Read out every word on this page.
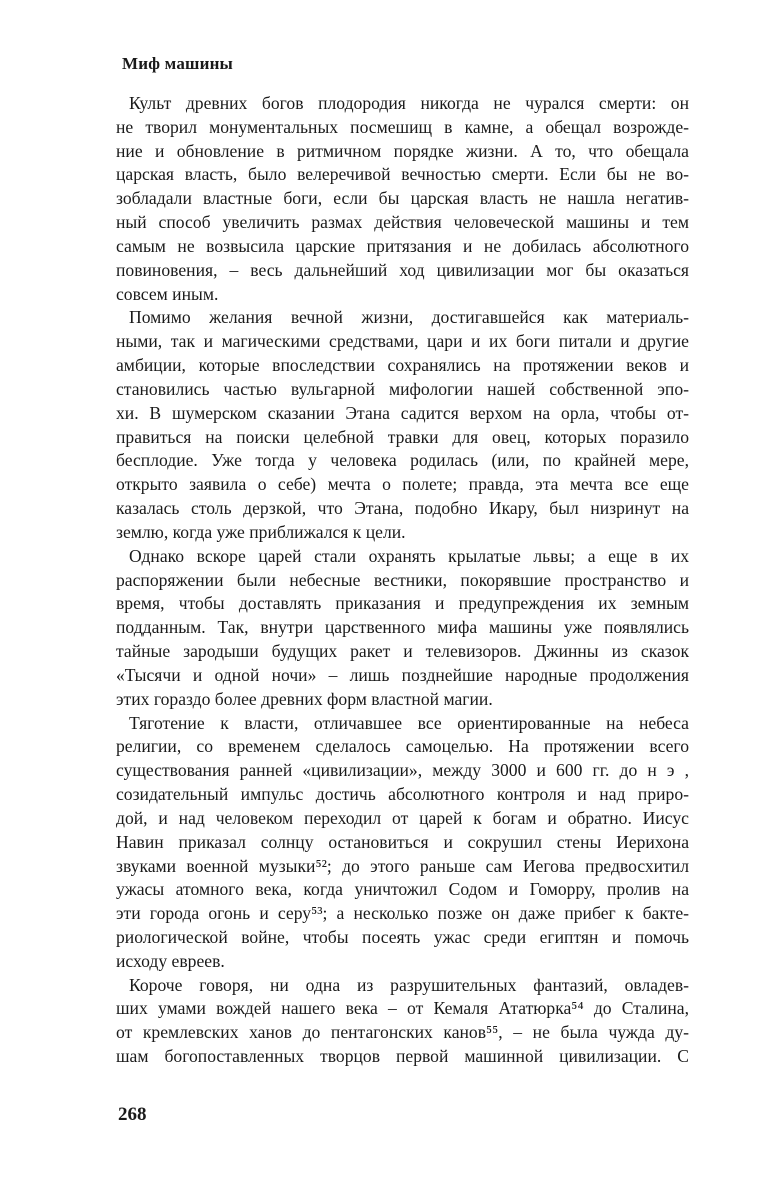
Миф машины
Культ древних богов плодородия никогда не чурался смерти: он
не творил монументальных посмешищ в камне, а обещал возрожде-
ние и обновление в ритмичном порядке жизни. А то, что обещала
царская власть, было велеречивой вечностью смерти. Если бы не во-
зобладали властные боги, если бы царская власть не нашла негатив-
ный способ увеличить размах действия человеческой машины и тем
самым не возвысила царские притязания и не добилась абсолютного
повиновения, – весь дальнейший ход цивилизации мог бы оказаться
совсем иным.
Помимо желания вечной жизни, достигавшейся как материаль-
ными, так и магическими средствами, цари и их боги питали и другие
амбиции, которые впоследствии сохранялись на протяжении веков и
становились частью вульгарной мифологии нашей собственной эпо-
хи. В шумерском сказании Этана садится верхом на орла, чтобы от-
правиться на поиски целебной травки для овец, которых поразило
бесплодие. Уже тогда у человека родилась (или, по крайней мере,
открыто заявила о себе) мечта о полете; правда, эта мечта все еще
казалась столь дерзкой, что Этана, подобно Икару, был низринут на
землю, когда уже приближался к цели.
Однако вскоре царей стали охранять крылатые львы; а еще в их
распоряжении были небесные вестники, покорявшие пространство и
время, чтобы доставлять приказания и предупреждения их земным
подданным. Так, внутри царственного мифа машины уже появлялись
тайные зародыши будущих ракет и телевизоров. Джинны из сказок
«Тысячи и одной ночи» – лишь позднейшие народные продолжения
этих гораздо более древних форм властной магии.
Тяготение к власти, отличавшее все ориентированные на небеса
религии, со временем сделалось самоцелью. На протяжении всего
существования ранней «цивилизации», между 3000 и 600 гг. до н э ,
созидательный импульс достичь абсолютного контроля и над приро-
дой, и над человеком переходил от царей к богам и обратно. Иисус
Навин приказал солнцу остановиться и сокрушил стены Иерихона
звуками военной музыки⁵²; до этого раньше сам Иегова предвосхитил
ужасы атомного века, когда уничтожил Содом и Гоморру, пролив на
эти города огонь и серу⁵³; а несколько позже он даже прибег к бакте-
риологической войне, чтобы посеять ужас среди египтян и помочь
исходу евреев.
Короче говоря, ни одна из разрушительных фантазий, овладев-
ших умами вождей нашего века – от Кемаля Ататюрка⁵⁴ до Сталина,
от кремлевских ханов до пентагонских канов⁵⁵, – не была чужда ду-
шам богопоставленных творцов первой машинной цивилизации. С
268
